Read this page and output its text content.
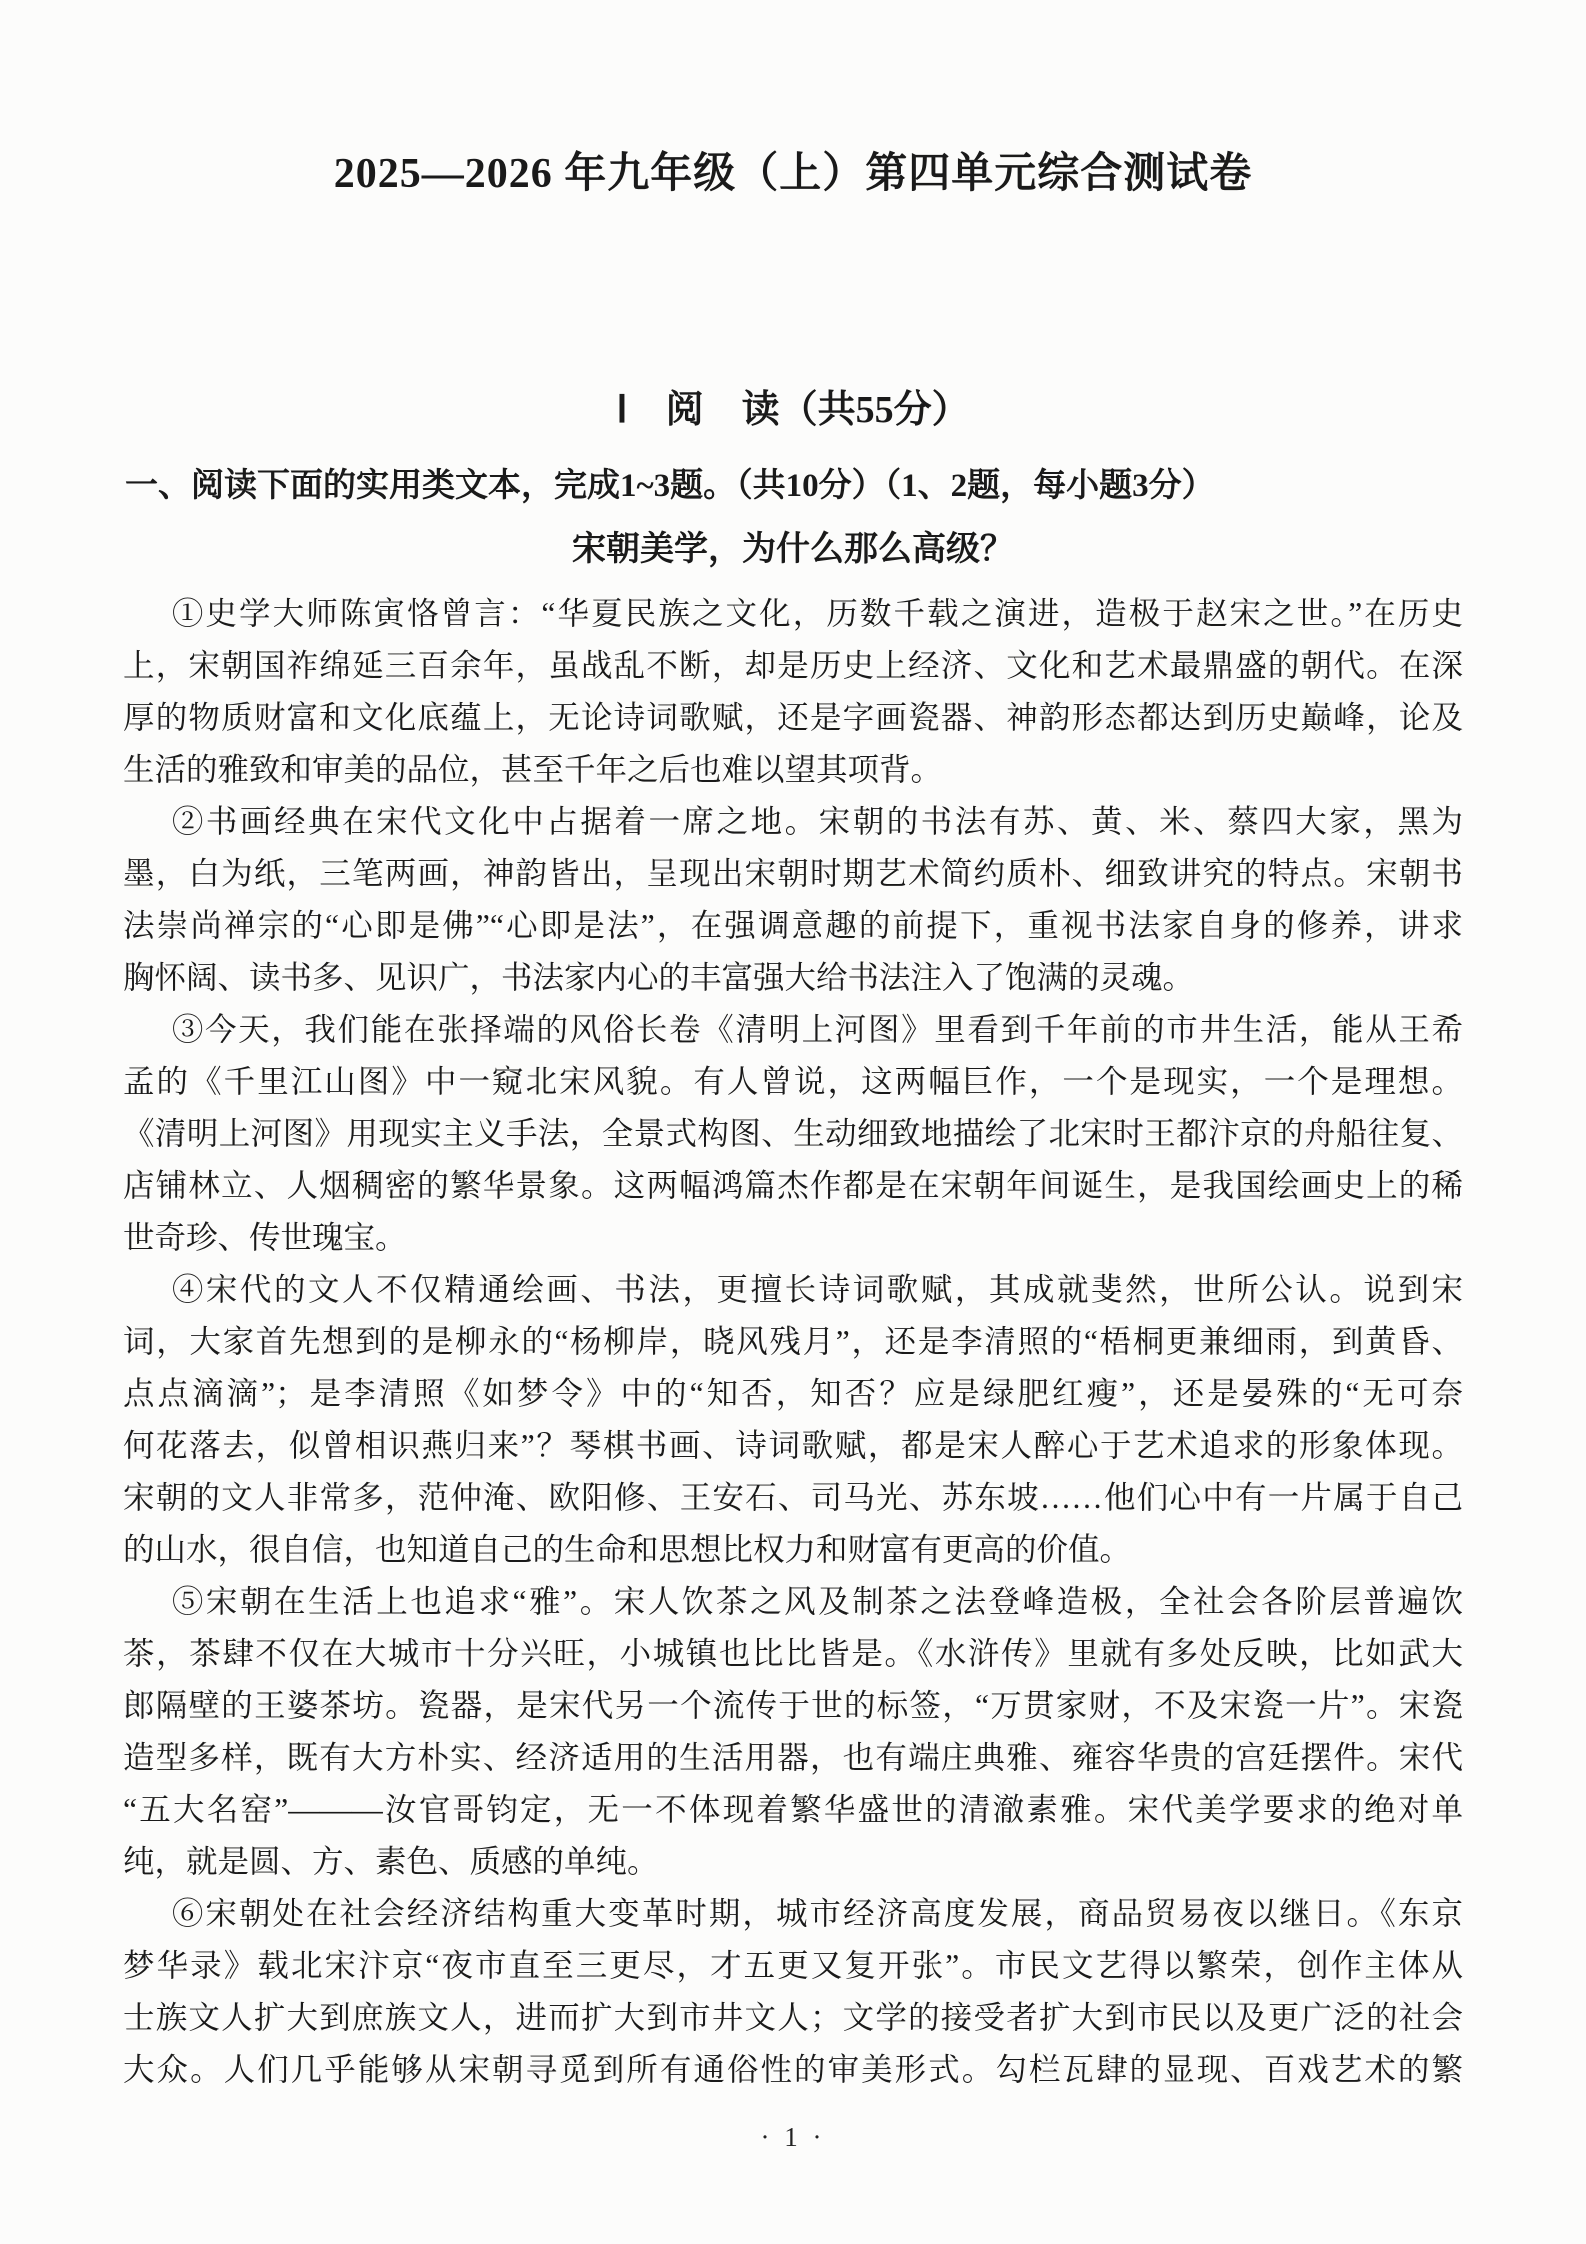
2025—2026 年九年级（上）第四单元综合测试卷
Ⅰ　阅　读（共55分）
一、阅读下面的实用类文本，完成1~3题。（共10分）（1、2题，每小题3分）
宋朝美学，为什么那么高级？
①史学大师陈寅恪曾言：“华夏民族之文化，历数千载之演进，造极于赵宋之世。”在历史
上，宋朝国祚绵延三百余年，虽战乱不断，却是历史上经济、文化和艺术最鼎盛的朝代。在深
厚的物质财富和文化底蕴上，无论诗词歌赋，还是字画瓷器、神韵形态都达到历史巅峰，论及
生活的雅致和审美的品位，甚至千年之后也难以望其项背。
②书画经典在宋代文化中占据着一席之地。宋朝的书法有苏、黄、米、蔡四大家，黑为
墨，白为纸，三笔两画，神韵皆出，呈现出宋朝时期艺术简约质朴、细致讲究的特点。宋朝书
法崇尚禅宗的“心即是佛”“心即是法”，在强调意趣的前提下，重视书法家自身的修养，讲求
胸怀阔、读书多、见识广，书法家内心的丰富强大给书法注入了饱满的灵魂。
③今天，我们能在张择端的风俗长卷《清明上河图》里看到千年前的市井生活，能从王希
孟的《千里江山图》中一窥北宋风貌。有人曾说，这两幅巨作，一个是现实，一个是理想。
《清明上河图》用现实主义手法，全景式构图、生动细致地描绘了北宋时王都汴京的舟船往复、
店铺林立、人烟稠密的繁华景象。这两幅鸿篇杰作都是在宋朝年间诞生，是我国绘画史上的稀
世奇珍、传世瑰宝。
④宋代的文人不仅精通绘画、书法，更擅长诗词歌赋，其成就斐然，世所公认。说到宋
词，大家首先想到的是柳永的“杨柳岸，晓风残月”，还是李清照的“梧桐更兼细雨，到黄昏、
点点滴滴”；是李清照《如梦令》中的“知否，知否？应是绿肥红瘦”，还是晏殊的“无可奈
何花落去，似曾相识燕归来”？琴棋书画、诗词歌赋，都是宋人醉心于艺术追求的形象体现。
宋朝的文人非常多，范仲淹、欧阳修、王安石、司马光、苏东坡……他们心中有一片属于自己
的山水，很自信，也知道自己的生命和思想比权力和财富有更高的价值。
⑤宋朝在生活上也追求“雅”。宋人饮茶之风及制茶之法登峰造极，全社会各阶层普遍饮
茶，茶肆不仅在大城市十分兴旺，小城镇也比比皆是。《水浒传》里就有多处反映，比如武大
郎隔壁的王婆茶坊。瓷器，是宋代另一个流传于世的标签，“万贯家财，不及宋瓷一片”。宋瓷
造型多样，既有大方朴实、经济适用的生活用器，也有端庄典雅、雍容华贵的宫廷摆件。宋代
“五大名窑”———汝官哥钧定，无一不体现着繁华盛世的清澈素雅。宋代美学要求的绝对单
纯，就是圆、方、素色、质感的单纯。
⑥宋朝处在社会经济结构重大变革时期，城市经济高度发展，商品贸易夜以继日。《东京
梦华录》载北宋汴京“夜市直至三更尽，才五更又复开张”。市民文艺得以繁荣，创作主体从
士族文人扩大到庶族文人，进而扩大到市井文人；文学的接受者扩大到市民以及更广泛的社会
大众。人们几乎能够从宋朝寻觅到所有通俗性的审美形式。勾栏瓦肆的显现、百戏艺术的繁
· 1 ·
